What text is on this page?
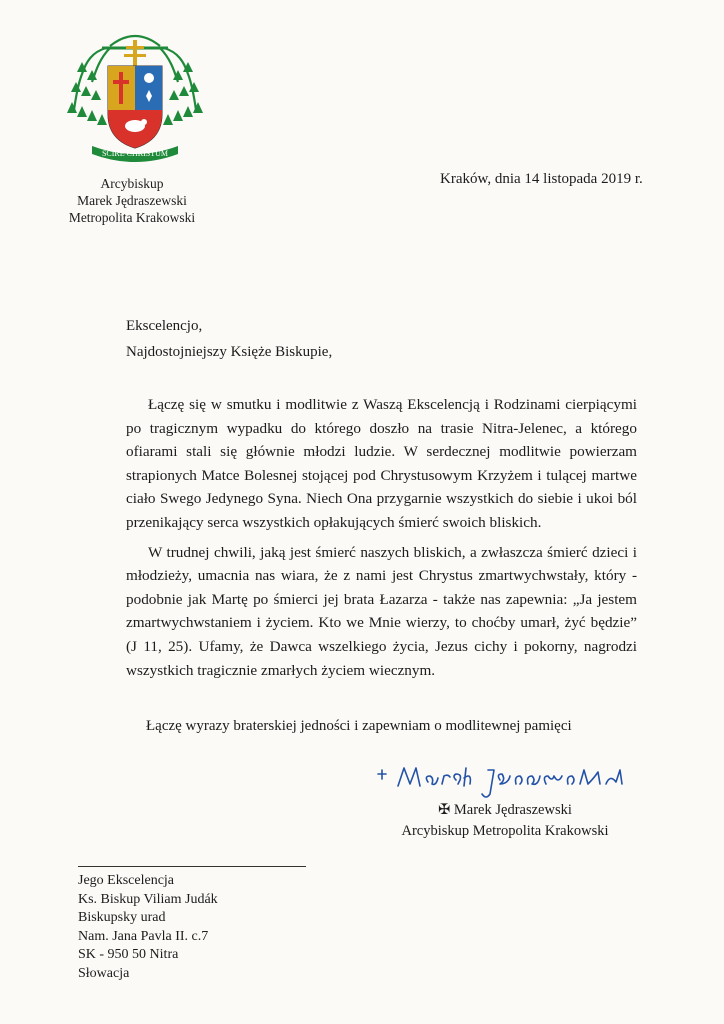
SCIRE CHRISTUM
Arcybiskup
Marek Jędraszewski
Metropolita Krakowski
Kraków, dnia 14 listopada 2019 r.
Ekscelencjo,
Najdostojniejszy Księże Biskupie,

Łączę się w smutku i modlitwie z Waszą Ekscelencją i Rodzinami cierpiącymi po tragicznym wypadku do którego doszło na trasie Nitra-Jelenec, a którego ofiarami stali się głównie młodzi ludzie. W serdecznej modlitwie powierzam strapionych Matce Bolesnej stojącej pod Chrystusowym Krzyżem i tulącej martwe ciało Swego Jedynego Syna. Niech Ona przygarnie wszystkich do siebie i ukoi ból przenikający serca wszystkich opłakujących śmierć swoich bliskich.

W trudnej chwili, jaką jest śmierć naszych bliskich, a zwłaszcza śmierć dzieci i młodzieży, umacnia nas wiara, że z nami jest Chrystus zmartwychwstały, który - podobnie jak Martę po śmierci jej brata Łazarza - także nas zapewnia: „Ja jestem zmartwychwstaniem i życiem. Kto we Mnie wierzy, to choćby umarł, żyć będzie” (J 11, 25). Ufamy, że Dawca wszelkiego życia, Jezus cichy i pokorny, nagrodzi wszystkich tragicznie zmarłych życiem wiecznym.

Łączę wyrazy braterskiej jedności i zapewniam o modlitewnej pamięci
✠ Marek Jędraszewski
Arcybiskup Metropolita Krakowski
Jego Ekscelencja
Ks. Biskup Viliam Judák
Biskupsky urad
Nam. Jana Pavla II. c.7
SK - 950 50 Nitra
Słowacja
